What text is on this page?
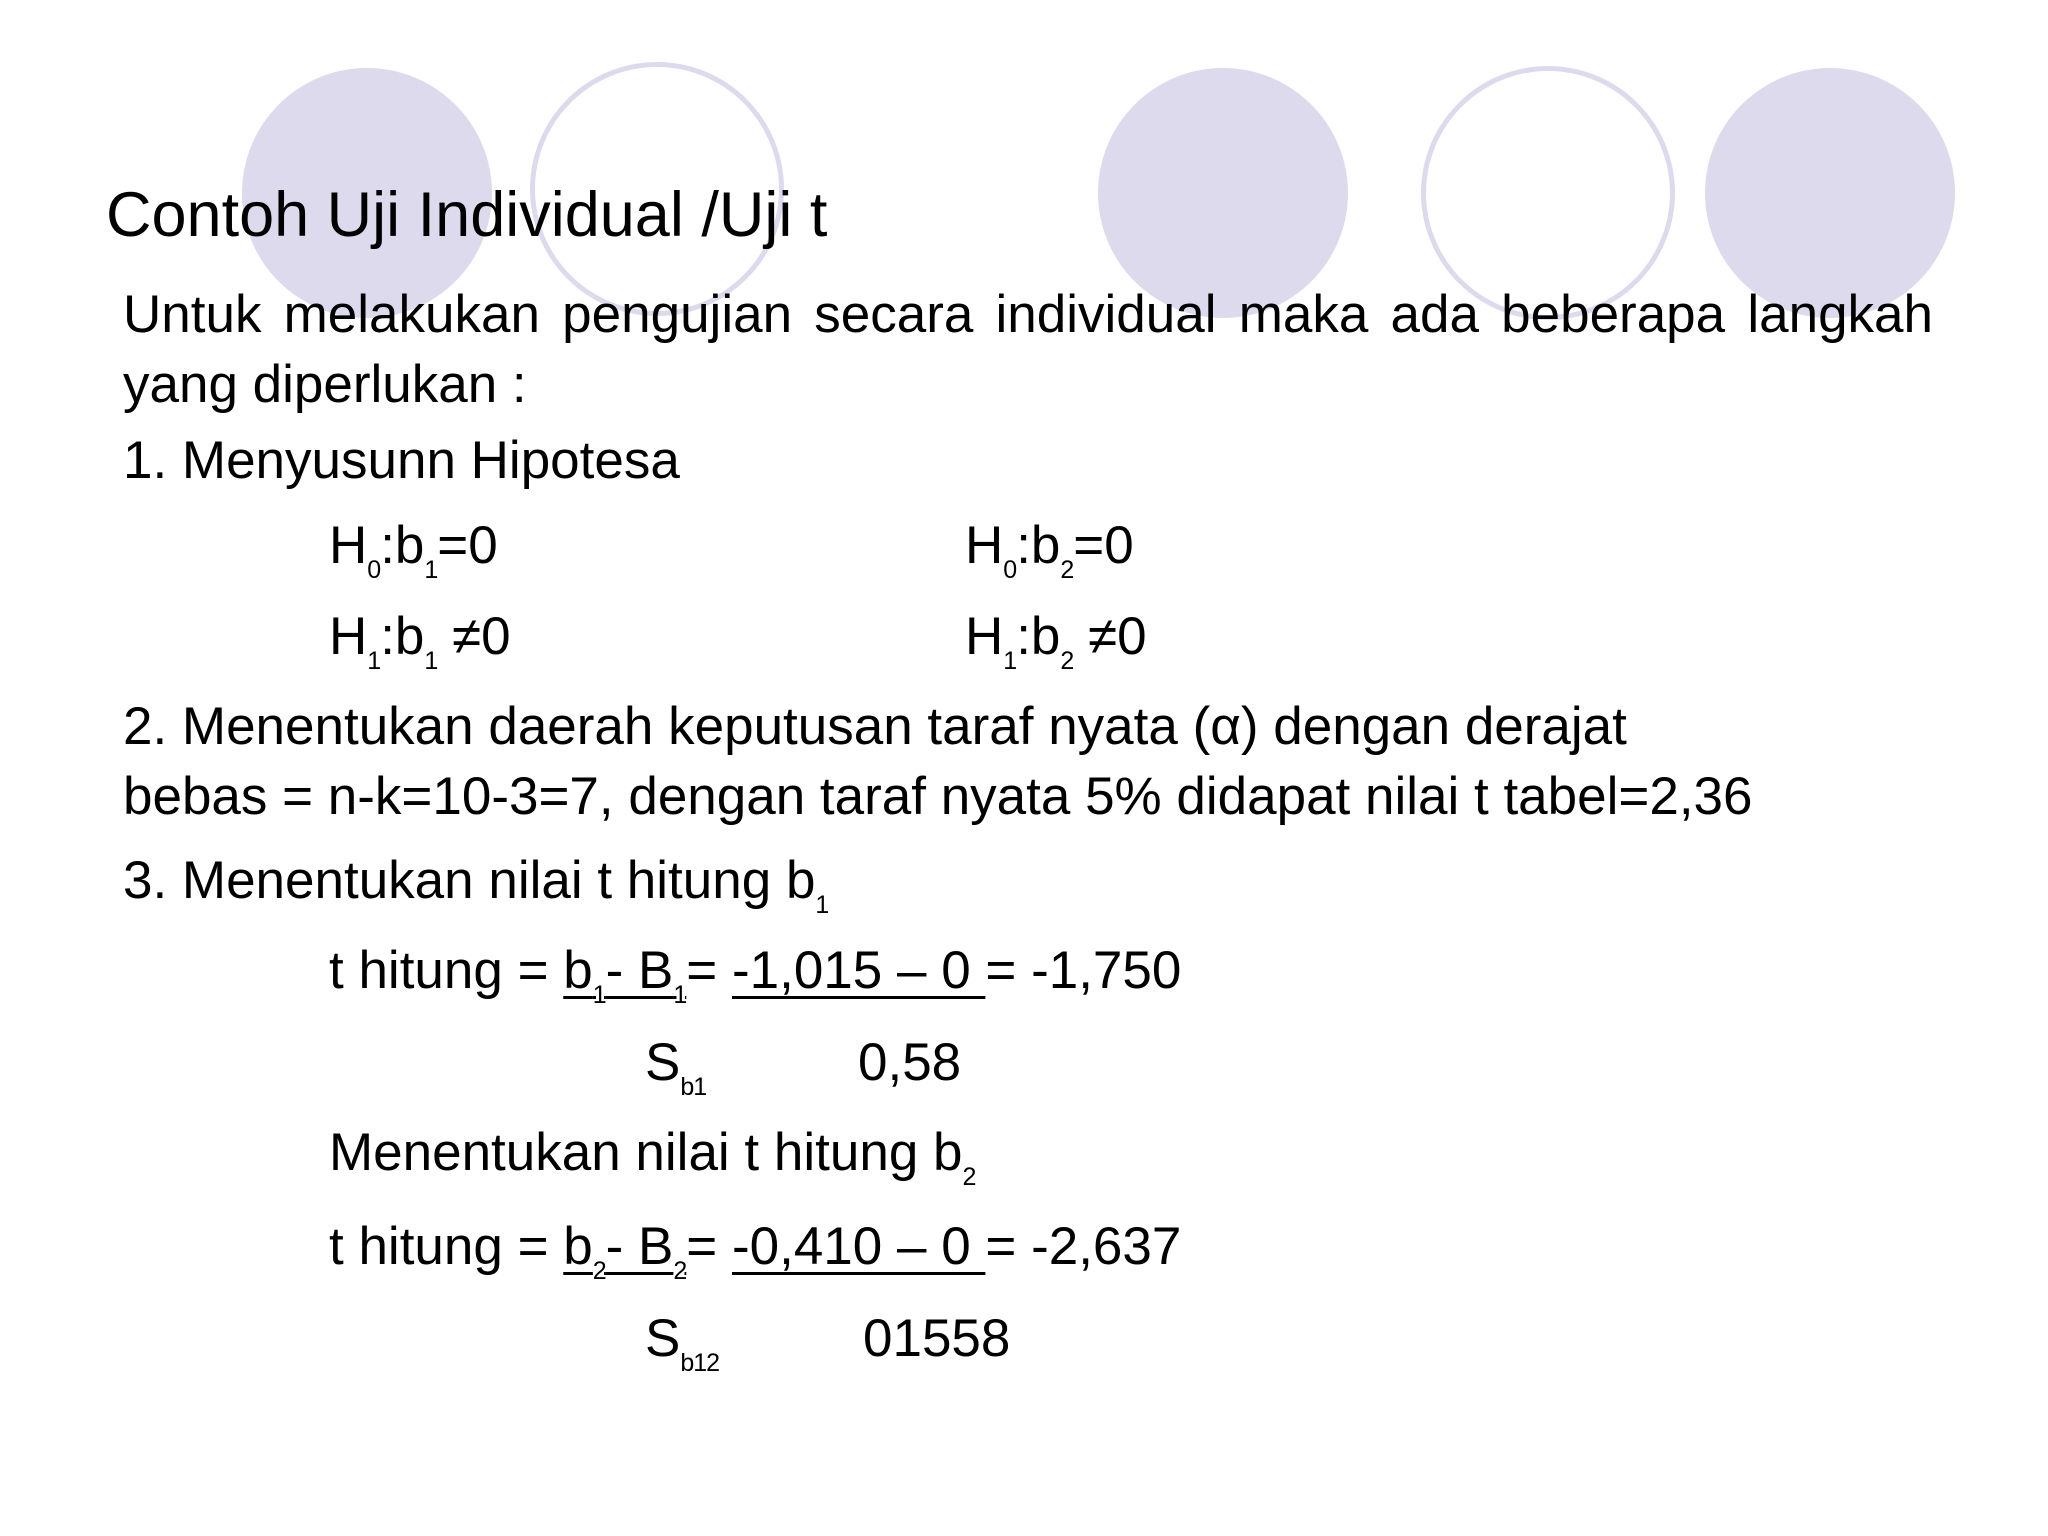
Contoh Uji Individual /Uji t
Untuk melakukan pengujian secara individual maka ada beberapa langkah yang diperlukan :
1. Menyusunn Hipotesa
$H_0:b_1=0$	$H_0:b_2=0$
$H_1:b_1 \ne 0$	$H_1:b_2 \ne 0$
2. Menentukan daerah keputusan taraf nyata (α) dengan derajat
bebas = n-k=10-3=7, dengan taraf nyata 5% didapat nilai t tabel=2,36
3. Menentukan nilai t hitung $b_1$
t hitung = $b_1-$ $B_1= -1,015 - 0 = -1,750$
$S_{b1}$	0,58
Menentukan nilai t hitung $b_2$
t hitung = $b_2-$ $B_2= -0,410 - 0 = -2,637$
$S_{b12}$	01558
